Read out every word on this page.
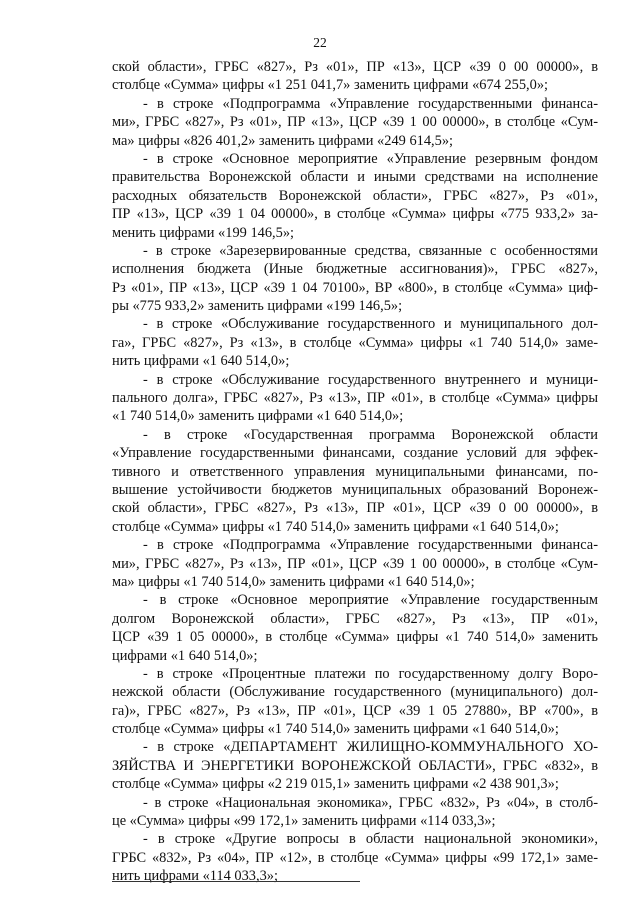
22
ской области», ГРБС «827», Рз «01», ПР «13», ЦСР «39 0 00 00000», в
столбце «Сумма» цифры «1 251 041,7» заменить цифрами «674 255,0»;
- в строке «Подпрограмма «Управление государственными финанса-
ми», ГРБС «827», Рз «01», ПР «13», ЦСР «39 1 00 00000», в столбце «Сум-
ма» цифры «826 401,2» заменить цифрами «249 614,5»;
- в строке «Основное мероприятие «Управление резервным фондом
правительства Воронежской области и иными средствами на исполнение
расходных обязательств Воронежской области», ГРБС «827», Рз «01»,
ПР «13», ЦСР «39 1 04 00000», в столбце «Сумма» цифры «775 933,2» за-
менить цифрами «199 146,5»;
- в строке «Зарезервированные средства, связанные с особенностями
исполнения бюджета (Иные бюджетные ассигнования)», ГРБС «827»,
Рз «01», ПР «13», ЦСР «39 1 04 70100», ВР «800», в столбце «Сумма» циф-
ры «775 933,2» заменить цифрами «199 146,5»;
- в строке «Обслуживание государственного и муниципального дол-
га», ГРБС «827», Рз «13», в столбце «Сумма» цифры «1 740 514,0» заме-
нить цифрами «1 640 514,0»;
- в строке «Обслуживание государственного внутреннего и муници-
пального долга», ГРБС «827», Рз «13», ПР «01», в столбце «Сумма» цифры
«1 740 514,0» заменить цифрами «1 640 514,0»;
- в строке «Государственная программа Воронежской области
«Управление государственными финансами, создание условий для эффек-
тивного и ответственного управления муниципальными финансами, по-
вышение устойчивости бюджетов муниципальных образований Воронеж-
ской области», ГРБС «827», Рз «13», ПР «01», ЦСР «39 0 00 00000», в
столбце «Сумма» цифры «1 740 514,0» заменить цифрами «1 640 514,0»;
- в строке «Подпрограмма «Управление государственными финанса-
ми», ГРБС «827», Рз «13», ПР «01», ЦСР «39 1 00 00000», в столбце «Сум-
ма» цифры «1 740 514,0» заменить цифрами «1 640 514,0»;
- в строке «Основное мероприятие «Управление государственным
долгом Воронежской области», ГРБС «827», Рз «13», ПР «01»,
ЦСР «39 1 05 00000», в столбце «Сумма» цифры «1 740 514,0» заменить
цифрами «1 640 514,0»;
- в строке «Процентные платежи по государственному долгу Воро-
нежской области (Обслуживание государственного (муниципального) дол-
га)», ГРБС «827», Рз «13», ПР «01», ЦСР «39 1 05 27880», ВР «700», в
столбце «Сумма» цифры «1 740 514,0» заменить цифрами «1 640 514,0»;
- в строке «ДЕПАРТАМЕНТ ЖИЛИЩНО-КОММУНАЛЬНОГО ХО-
ЗЯЙСТВА И ЭНЕРГЕТИКИ ВОРОНЕЖСКОЙ ОБЛАСТИ», ГРБС «832», в
столбце «Сумма» цифры «2 219 015,1» заменить цифрами «2 438 901,3»;
- в строке «Национальная экономика», ГРБС «832», Рз «04», в столб-
це «Сумма» цифры «99 172,1» заменить цифрами «114 033,3»;
- в строке «Другие вопросы в области национальной экономики»,
ГРБС «832», Рз «04», ПР «12», в столбце «Сумма» цифры «99 172,1» заме-
нить цифрами «114 033,3»;
